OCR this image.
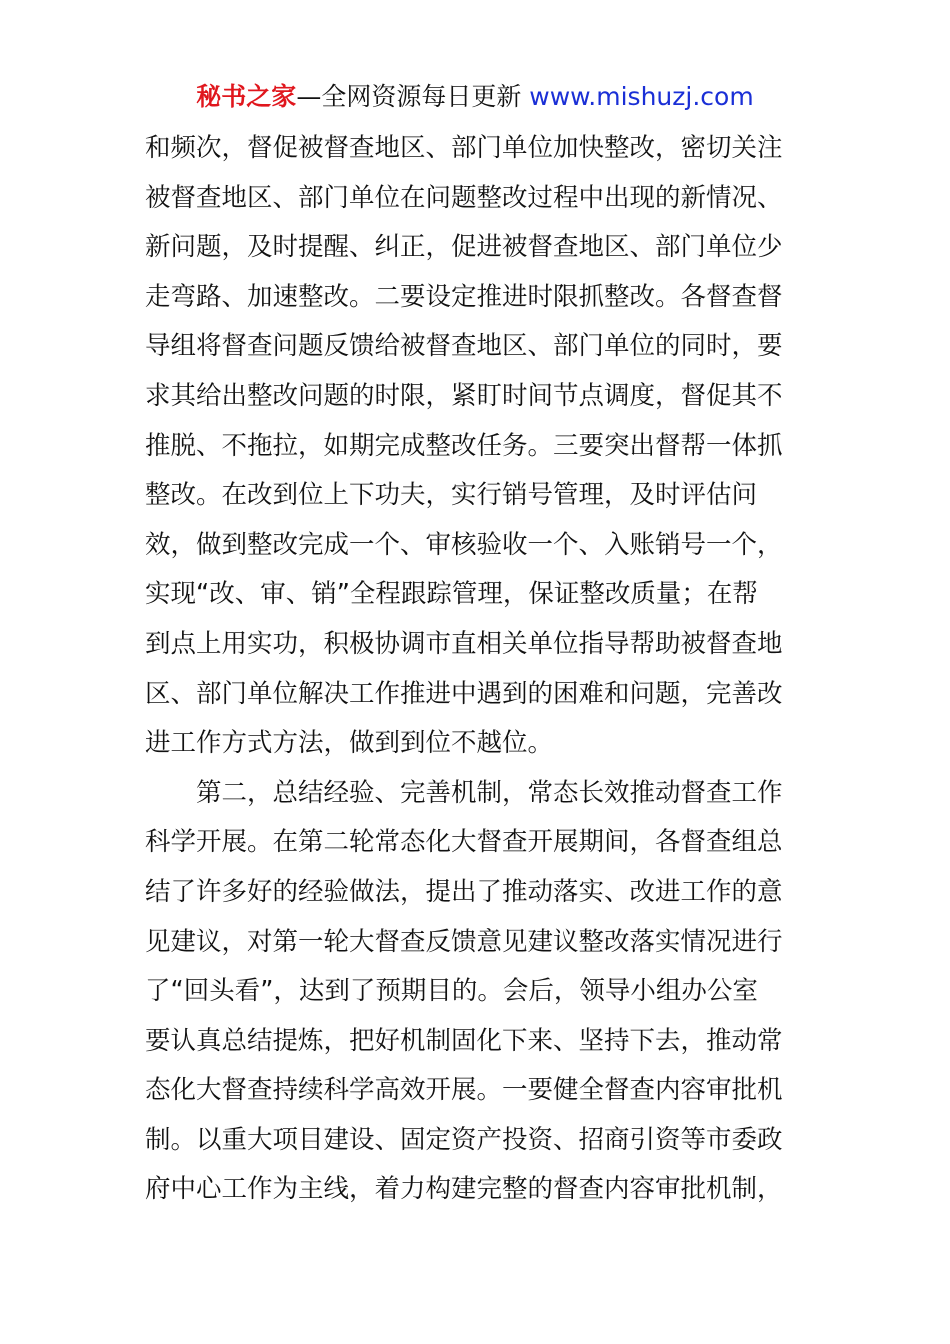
秘书之家—全网资源每日更新 www.mishuzj.com
和频次，督促被督查地区、部门单位加快整改，密切关注
被督查地区、部门单位在问题整改过程中出现的新情况、
新问题，及时提醒、纠正，促进被督查地区、部门单位少
走弯路、加速整改。二要设定推进时限抓整改。各督查督
导组将督查问题反馈给被督查地区、部门单位的同时，要
求其给出整改问题的时限，紧盯时间节点调度，督促其不
推脱、不拖拉，如期完成整改任务。三要突出督帮一体抓
整改。在改到位上下功夫，实行销号管理，及时评估问
效，做到整改完成一个、审核验收一个、入账销号一个，
实现“改、审、销”全程跟踪管理，保证整改质量；在帮
到点上用实功，积极协调市直相关单位指导帮助被督查地
区、部门单位解决工作推进中遇到的困难和问题，完善改
进工作方式方法，做到到位不越位。
第二，总结经验、完善机制，常态长效推动督查工作
科学开展。在第二轮常态化大督查开展期间，各督查组总
结了许多好的经验做法，提出了推动落实、改进工作的意
见建议，对第一轮大督查反馈意见建议整改落实情况进行
了“回头看”，达到了预期目的。会后，领导小组办公室
要认真总结提炼，把好机制固化下来、坚持下去，推动常
态化大督查持续科学高效开展。一要健全督查内容审批机
制。以重大项目建设、固定资产投资、招商引资等市委政
府中心工作为主线，着力构建完整的督查内容审批机制，
